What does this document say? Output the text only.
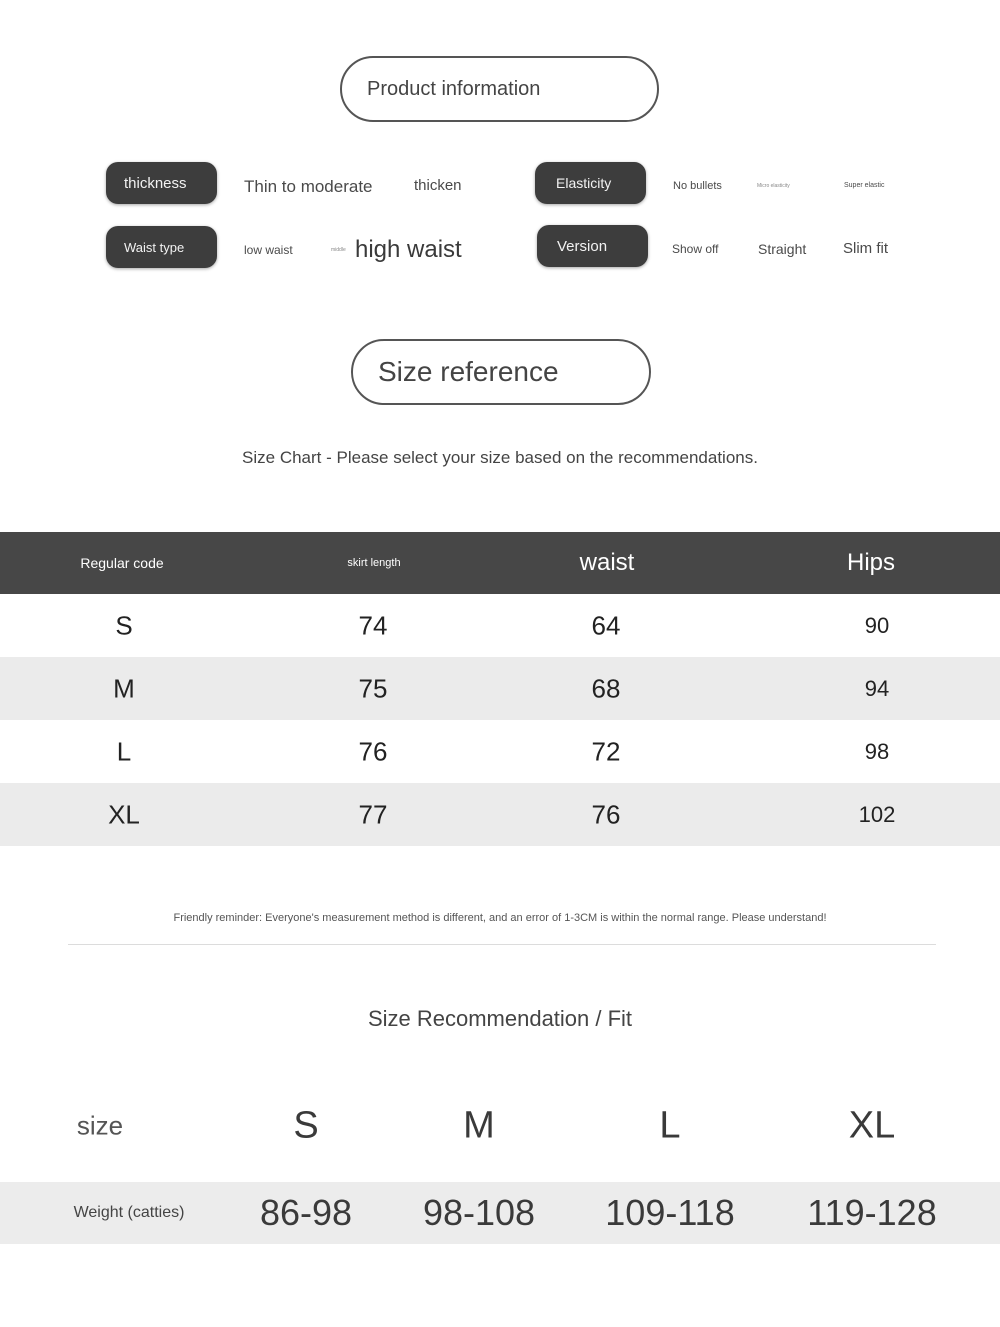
Product information
thickness	Thin to moderate	thicken
Waist type	low waist	middle high waist
Elasticity	No bullets	Micro elasticity	Super elastic
Version	Show off	Straight Slim fit
Size reference
Size Chart - Please select your size based on the recommendations.
Regular code	skirt length	waist	Hips
S	74	64	90
M	75	68	94
L	76	72	98
XL	77	76	102
Friendly reminder: Everyone's measurement method is different, and an error of 1-3CM is within the normal range. Please understand!
Size Recommendation / Fit
size	S	M	L	XL
Weight (catties) 86-98 98-108 109-118 119-128
